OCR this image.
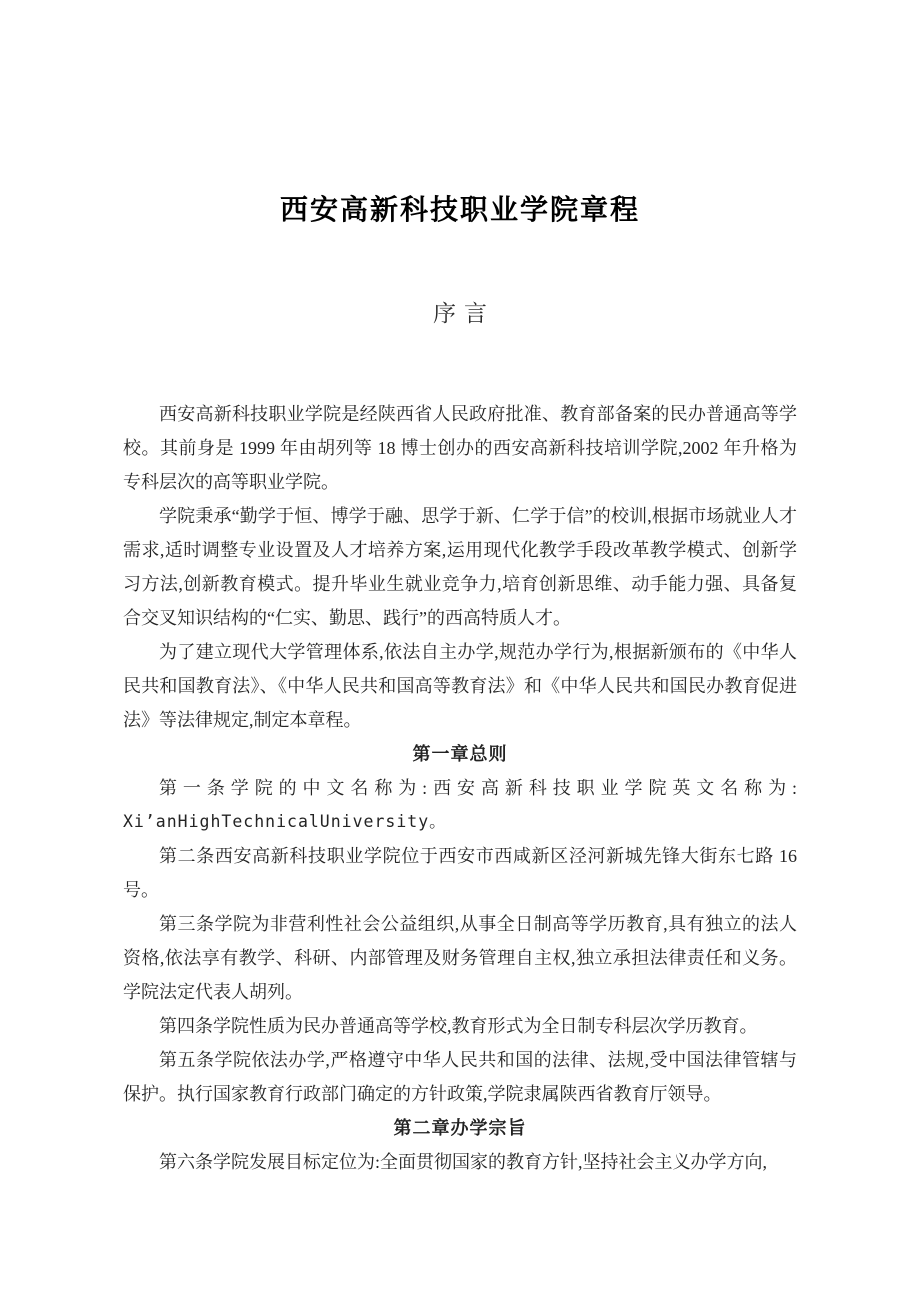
西安高新科技职业学院章程
序言

西安高新科技职业学院是经陕西省人民政府批准、教育部备案的民办普通高等学校。其前身是 1999 年由胡列等 18 博士创办的西安高新科技培训学院,2002 年升格为专科层次的高等职业学院。

学院秉承“勤学于恒、博学于融、思学于新、仁学于信”的校训,根据市场就业人才需求,适时调整专业设置及人才培养方案,运用现代化教学手段改革教学模式、创新学习方法,创新教育模式。提升毕业生就业竞争力,培育创新思维、动手能力强、具备复合交叉知识结构的“仁实、勤思、践行”的西高特质人才。

为了建立现代大学管理体系,依法自主办学,规范办学行为,根据新颁布的《中华人民共和国教育法》、《中华人民共和国高等教育法》和《中华人民共和国民办教育促进法》等法律规定,制定本章程。

第一章总则

第一条学院的中文名称为:西安高新科技职业学院英文名称为:

Xi’anHighTechnicalUniversity。

第二条西安高新科技职业学院位于西安市西咸新区泾河新城先锋大街东七路 16 号。

第三条学院为非营利性社会公益组织,从事全日制高等学历教育,具有独立的法人资格,依法享有教学、科研、内部管理及财务管理自主权,独立承担法律责任和义务。学院法定代表人胡列。

第四条学院性质为民办普通高等学校,教育形式为全日制专科层次学历教育。

第五条学院依法办学,严格遵守中华人民共和国的法律、法规,受中国法律管辖与保护。执行国家教育行政部门确定的方针政策,学院隶属陕西省教育厅领导。

第二章办学宗旨

第六条学院发展目标定位为:全面贯彻国家的教育方针,坚持社会主义办学方向,
